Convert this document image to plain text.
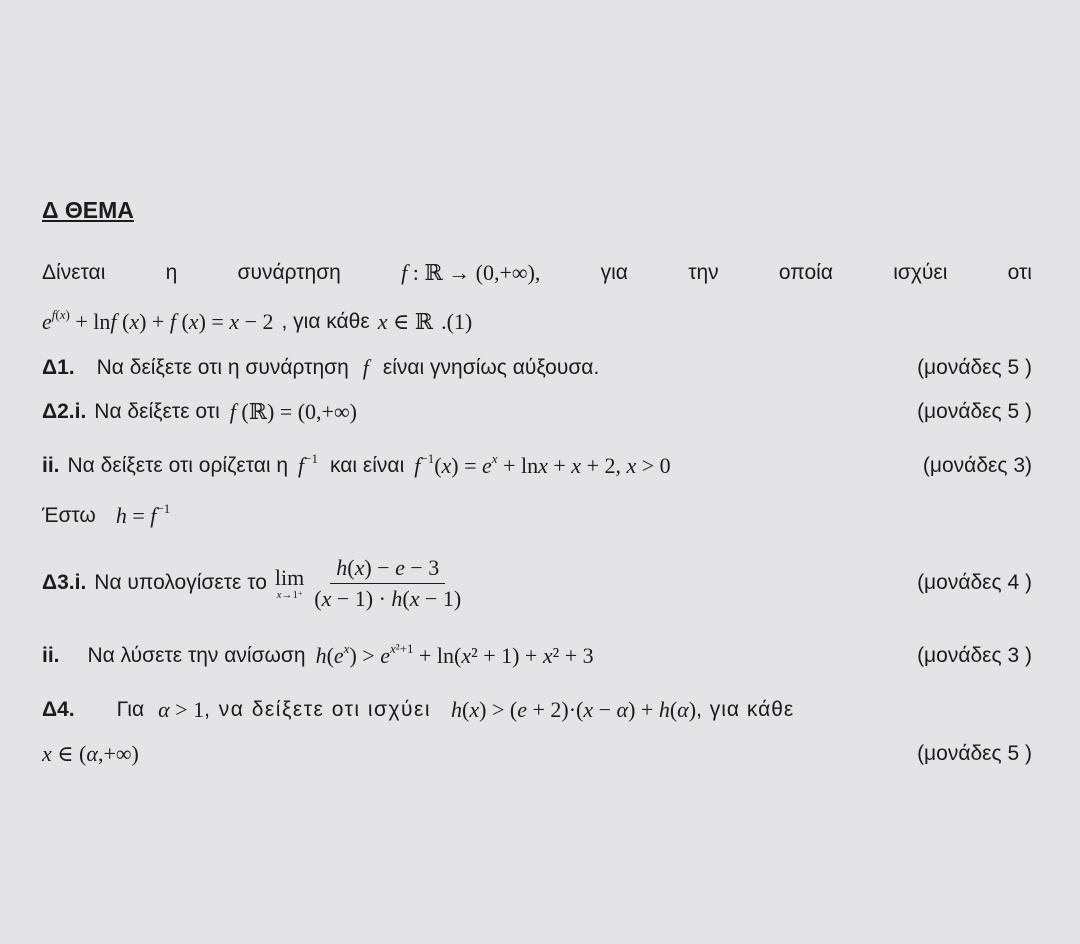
Δ ΘΕΜΑ
Δίνεται	η	συνάρτηση	f : ℝ → (0,+∞),	για	την	οποία	ισχύει	οτι
$e^{f(x)} + \ln f$ (x) + f (x) = x − 2 , για κάθε x ∈ ℝ .(1)
Δ1. Να δείξετε οτι η συνάρτηση f είναι γνησίως αύξουσα.	(μονάδες 5 )
Δ2.i. Να δείξετε οτι f (ℝ) = (0,+∞)	(μονάδες 5 )
ii. Να δείξετε οτι ορίζεται η $f^{-1}$ και είναι $f^{-1}(x) = e^x + \ln x + x + 2$, x > 0	(μονάδες 3)
Έστω $h = f^{-1}$
Δ3.i. Να υπολογίσετε το lim
$x\to 1^+ \frac{h(x) - e - 3}{(x - 1) \cdot h(x - 1)}$	(μονάδες 4 )
ii. Να λύσετε την ανίσωση $h(e^x) > e^{x^2+1} + \ln(x^2 + 1) + x^2 + 3$	(μονάδες 3 )
Δ4. Για α > 1 , να δείξετε οτι ισχύει h(x) > (e + 2)·(x − α) + h(α) , για κάθε
x ∈ (α,+∞)	(μονάδες 5 )
